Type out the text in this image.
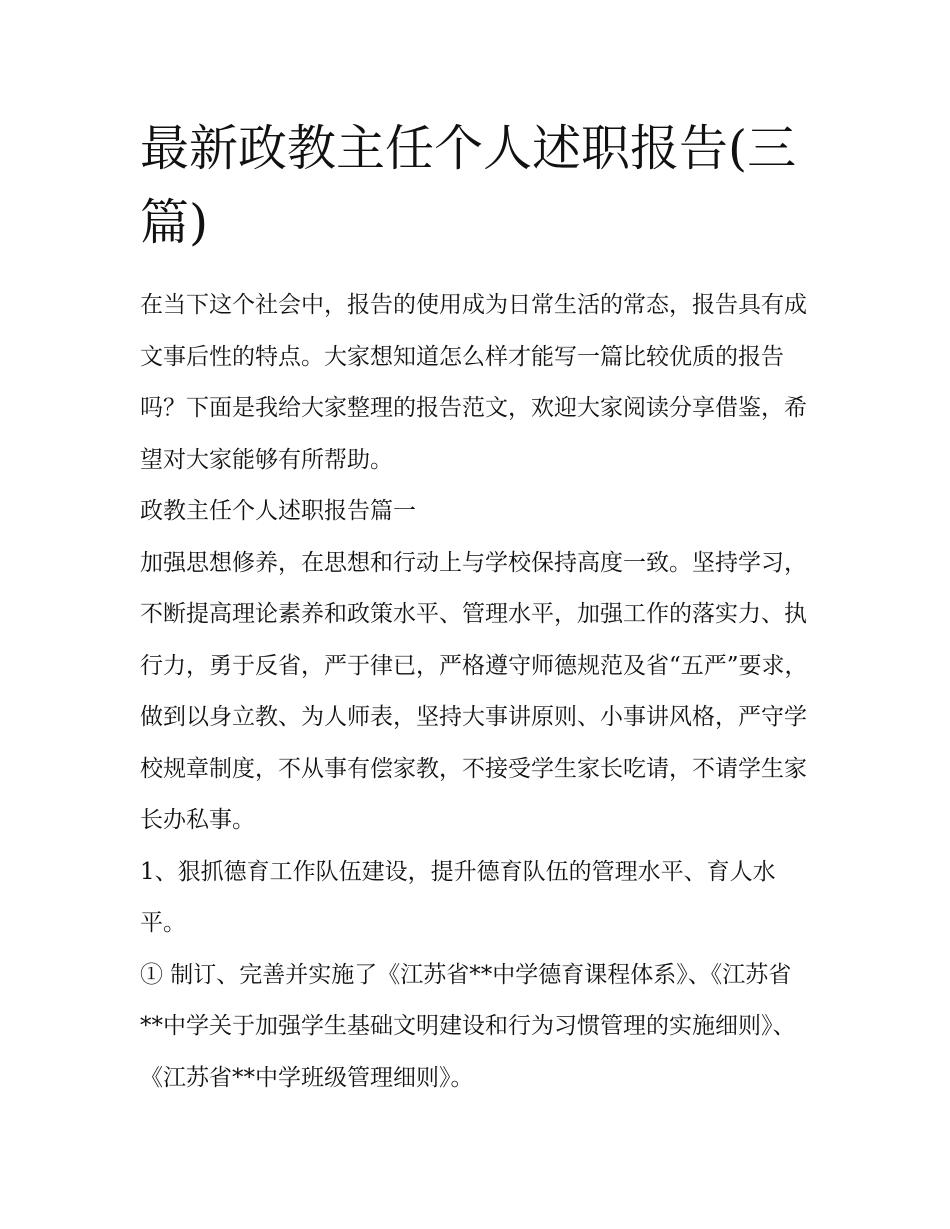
最新政教主任个人述职报告(三篇)

在当下这个社会中，报告的使用成为日常生活的常态，报告具有成文事后性的特点。大家想知道怎么样才能写一篇比较优质的报告吗？下面是我给大家整理的报告范文，欢迎大家阅读分享借鉴，希望对大家能够有所帮助。

政教主任个人述职报告篇一

加强思想修养，在思想和行动上与学校保持高度一致。坚持学习，不断提高理论素养和政策水平、管理水平，加强工作的落实力、执行力，勇于反省，严于律已，严格遵守师德规范及省“五严”要求，做到以身立教、为人师表，坚持大事讲原则、小事讲风格，严守学校规章制度，不从事有偿家教，不接受学生家长吃请，不请学生家长办私事。

1、狠抓德育工作队伍建设，提升德育队伍的管理水平、育人水平。

① 制订、完善并实施了《江苏省**中学德育课程体系》、《江苏省**中学关于加强学生基础文明建设和行为习惯管理的实施细则》、《江苏省**中学班级管理细则》。
